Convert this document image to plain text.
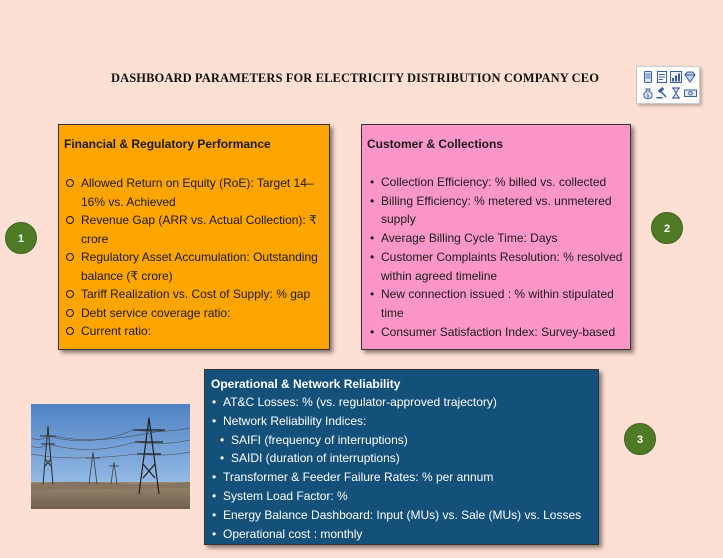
DASHBOARD PARAMETERS FOR ELECTRICITY DISTRIBUTION COMPANY CEO
$
Financial & Regulatory Performance
Allowed Return on Equity (RoE): Target 14–16% vs. Achieved
Revenue Gap (ARR vs. Actual Collection): ₹ crore
Regulatory Asset Accumulation: Outstanding balance (₹ crore)
Tariff Realization vs. Cost of Supply: % gap
Debt service coverage ratio:
Current ratio:
Customer & Collections
• Collection Efficiency: % billed vs. collected
• Billing Efficiency: % metered vs. unmetered supply
• Average Billing Cycle Time: Days
• Customer Complaints Resolution: % resolved within agreed timeline
• New connection issued : % within stipulated time
• Consumer Satisfaction Index: Survey-based
Operational & Network Reliability
• AT&C Losses: % (vs. regulator-approved trajectory)
• Network Reliability Indices:
• SAIFI (frequency of interruptions)
• SAIDI (duration of interruptions)
• Transformer & Feeder Failure Rates: % per annum
• System Load Factor: %
• Energy Balance Dashboard: Input (MUs) vs. Sale (MUs) vs. Losses
• Operational cost : monthly
1
2
3
